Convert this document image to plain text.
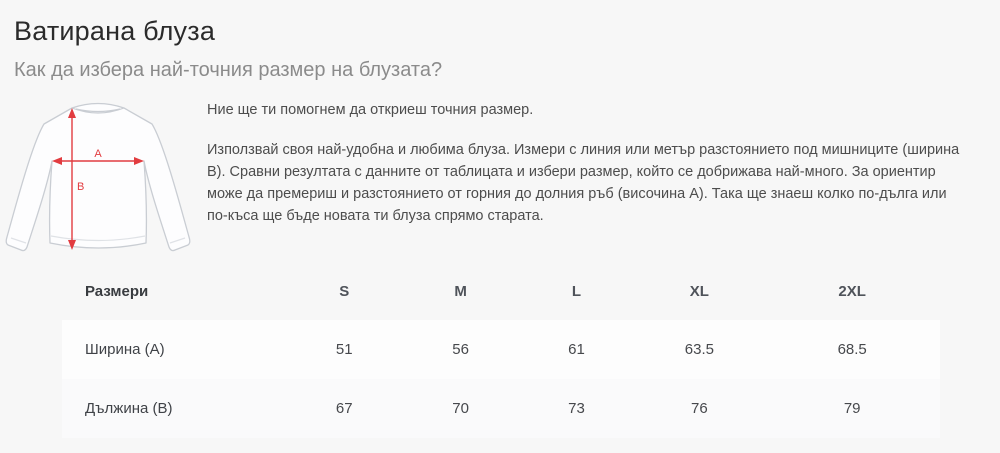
Ватирана блуза
Как да избера най-точния размер на блузата?
A
B

Ние ще ти помогнем да откриеш точния размер.

Използвай своя най-удобна и любима блуза. Измери с линия или метър разстоянието под мишниците (ширина В). Сравни резултата с данните от таблицата и избери размер, който се добрижава най-много. За ориентир може да премериш и разстоянието от горния до долния ръб (височина А). Така ще знаеш колко по-дълга или по-къса ще бъде новата ти блуза спрямо старата.

Размери	S	M	L	XL	2XL
Ширина (А)	51	56	61	63.5	68.5
Дължина (В)	67	70	73	76	79
